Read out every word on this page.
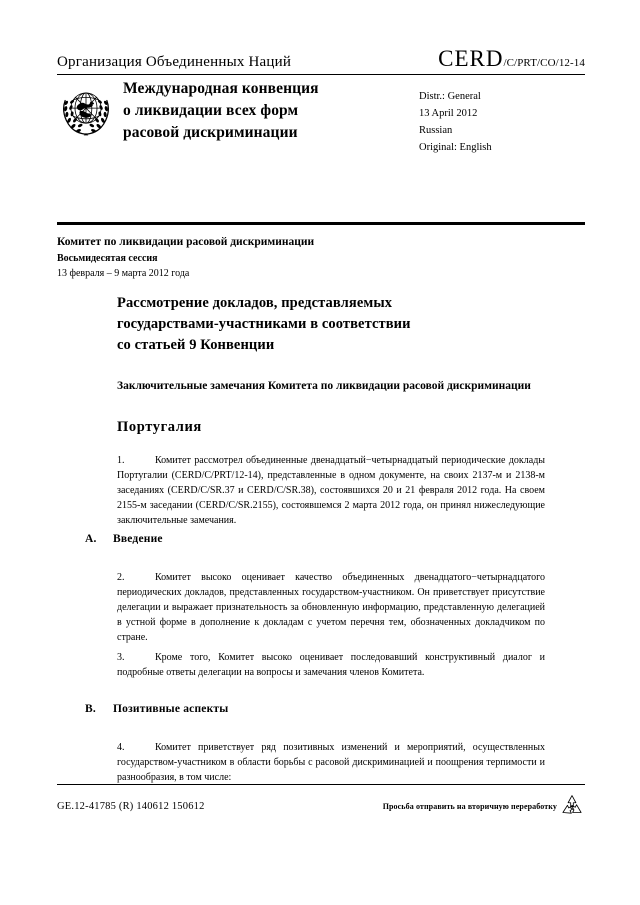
Организация Объединенных Наций	CERD/C/PRT/CO/12-14
Международная конвенция
о ликвидации всех форм
расовой дискриминации
Distr.: General
13 April 2012
Russian
Original: English
Комитет по ликвидации расовой дискриминации
Восьмидесятая сессия
13 февраля – 9 марта 2012 года
Рассмотрение докладов, представляемых
государствами-участниками в соответствии
со статьей 9 Конвенции
Заключительные замечания Комитета по ликвидации расовой дискриминации
Португалия

1.	Комитет рассмотрел объединенные двенадцатый−четырнадцатый периодические доклады Португалии (CERD/C/PRT/12-14), представленные в одном документе, на своих 2137-м и 2138-м заседаниях (CERD/C/SR.37 и CERD/C/SR.38), состоявшихся 20 и 21 февраля 2012 года. На своем 2155-м заседании (CERD/C/SR.2155), состоявшемся 2 марта 2012 года, он принял нижеследующие заключительные замечания.

A. Введение

2.	Комитет высоко оценивает качество объединенных двенадцатого−четырнадцатого периодических докладов, представленных государством-участником. Он приветствует присутствие делегации и выражает признательность за обновленную информацию, представленную делегацией в устной форме в дополнение к докладам с учетом перечня тем, обозначенных докладчиком по стране.

3.	Кроме того, Комитет высоко оценивает последовавший конструктивный диалог и подробные ответы делегации на вопросы и замечания членов Комитета.

B. Позитивные аспекты

4.	Комитет приветствует ряд позитивных изменений и мероприятий, осуществленных государством-участником в области борьбы с расовой дискриминацией и поощрения терпимости и разнообразия, в том числе:

GE.12-41785 (R) 140612 150612	Просьба отправить на вторичную переработку
